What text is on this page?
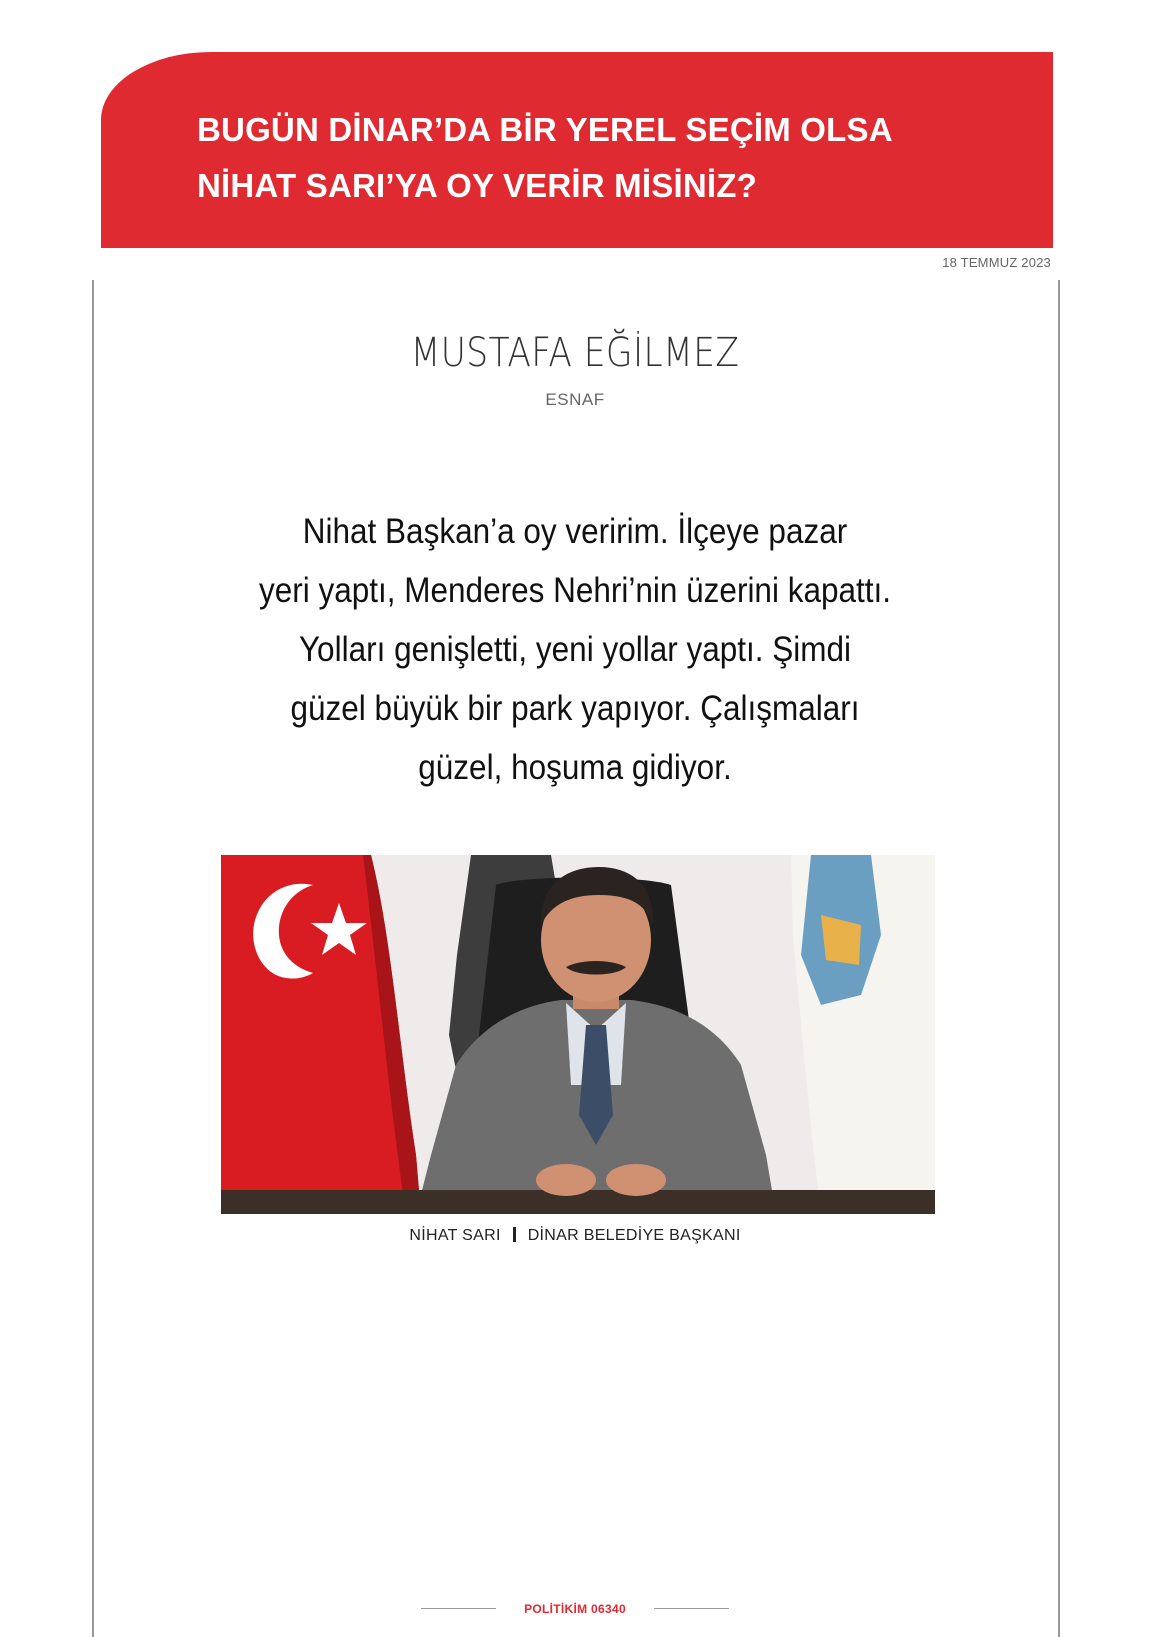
BUGÜN DİNAR’DA BİR YEREL SEÇİM OLSA
NİHAT SARI’YA OY VERİR MİSİNİZ?
18 TEMMUZ 2023
MUSTAFA EĞİLMEZ
ESNAF

Nihat Başkan’a oy veririm. İlçeye pazar
yeri yaptı, Menderes Nehri’nin üzerini kapattı.
Yolları genişletti, yeni yollar yaptı. Şimdi
güzel büyük bir park yapıyor. Çalışmaları
güzel, hoşuma gidiyor.

NİHAT SARI DİNAR BELEDİYE BAŞKANI
POLİTİKİM 06340
